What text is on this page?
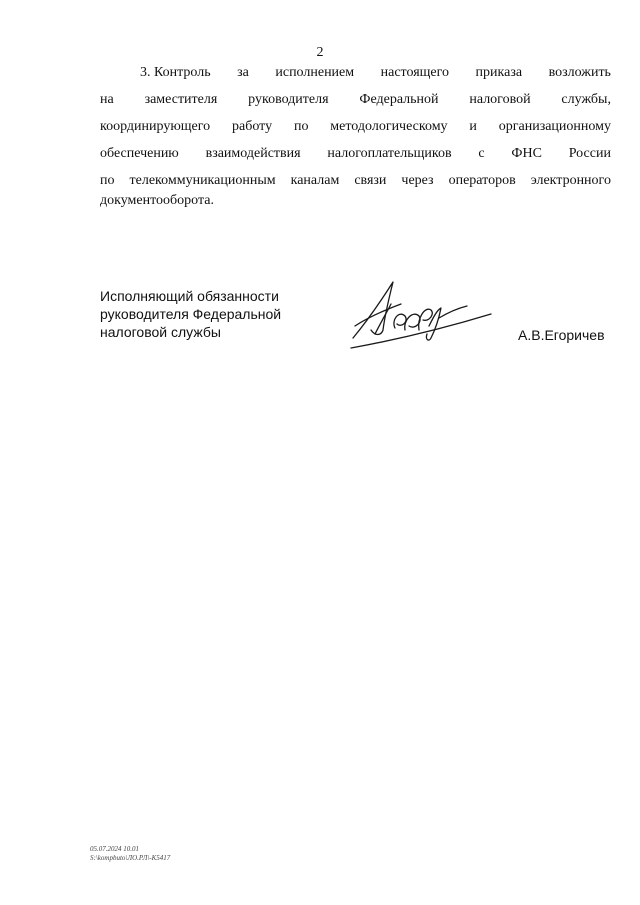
2
3. Контроль за исполнением настоящего приказа возложить
на заместителя руководителя Федеральной налоговой службы,
координирующего работу по методологическому и организационному
обеспечению взаимодействия налогоплательщиков с ФНС России
по телекоммуникационным каналам связи через операторов электронного
документооборота.
Исполняющий обязанности
руководителя Федеральной
налоговой службы	А.В.Егоричев
05.07.2024 10.01
S:\kompbuto\ЛО.РЛ\-К5417
